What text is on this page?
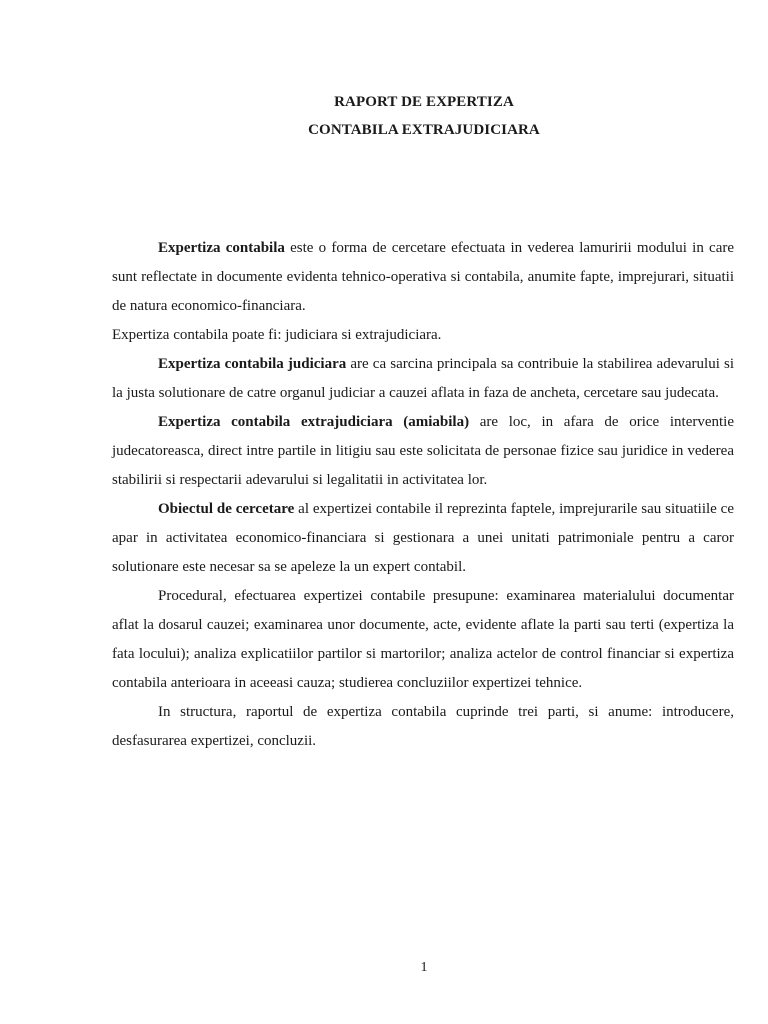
RAPORT DE EXPERTIZA
CONTABILA EXTRAJUDICIARA

Expertiza contabila este o forma de cercetare efectuata in vederea lamuririi modului in care sunt reflectate in documente evidenta tehnico-operativa si contabila, anumite fapte, imprejurari, situatii de natura economico-financiara.

Expertiza contabila poate fi: judiciara si extrajudiciara.

Expertiza contabila judiciara are ca sarcina principala sa contribuie la stabilirea adevarului si la justa solutionare de catre organul judiciar a cauzei aflata in faza de ancheta, cercetare sau judecata.

Expertiza contabila extrajudiciara (amiabila) are loc, in afara de orice interventie judecatoreasca, direct intre partile in litigiu sau este solicitata de personae fizice sau juridice in vederea stabilirii si respectarii adevarului si legalitatii in activitatea lor.

Obiectul de cercetare al expertizei contabile il reprezinta faptele, imprejurarile sau situatiile ce apar in activitatea economico-financiara si gestionara a unei unitati patrimoniale pentru a caror solutionare este necesar sa se apeleze la un expert contabil.

Procedural, efectuarea expertizei contabile presupune: examinarea materialului documentar aflat la dosarul cauzei; examinarea unor documente, acte, evidente aflate la parti sau terti (expertiza la fata locului); analiza explicatiilor partilor si martorilor; analiza actelor de control financiar si expertiza contabila anterioara in aceeasi cauza; studierea concluziilor expertizei tehnice.

In structura, raportul de expertiza contabila cuprinde trei parti, si anume: introducere, desfasurarea expertizei, concluzii.

1
